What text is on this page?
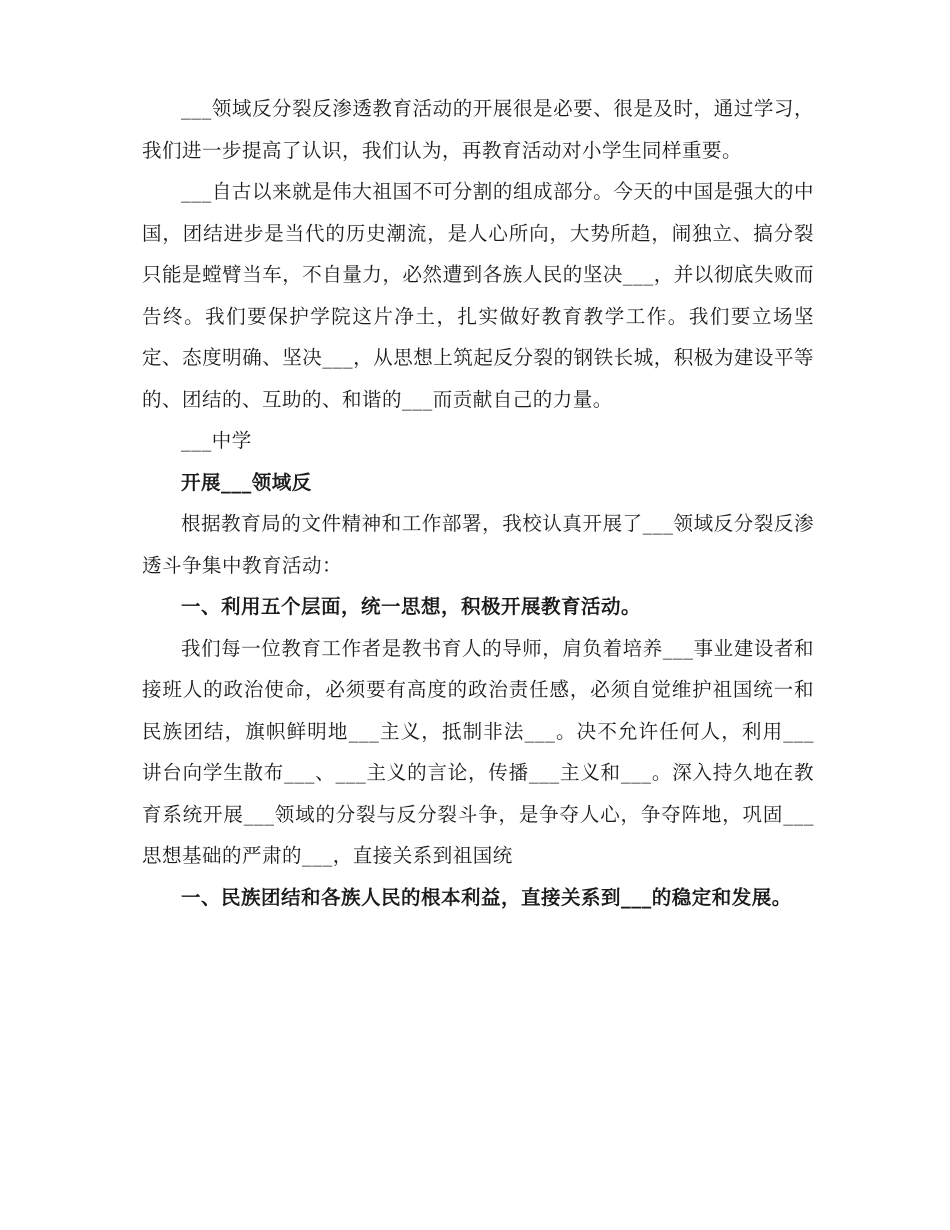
___领域反分裂反渗透教育活动的开展很是必要、很是及时，通过学习，我们进一步提高了认识，我们认为，再教育活动对小学生同样重要。

___自古以来就是伟大祖国不可分割的组成部分。今天的中国是强大的中国，团结进步是当代的历史潮流，是人心所向，大势所趋，闹独立、搞分裂只能是螳臂当车，不自量力，必然遭到各族人民的坚决___，并以彻底失败而告终。我们要保护学院这片净土，扎实做好教育教学工作。我们要立场坚定、态度明确、坚决___，从思想上筑起反分裂的钢铁长城，积极为建设平等的、团结的、互助的、和谐的___而贡献自己的力量。

___中学

开展___领域反

根据教育局的文件精神和工作部署，我校认真开展了___领域反分裂反渗透斗争集中教育活动：

一、利用五个层面，统一思想，积极开展教育活动。

我们每一位教育工作者是教书育人的导师，肩负着培养___事业建设者和接班人的政治使命，必须要有高度的政治责任感，必须自觉维护祖国统一和民族团结，旗帜鲜明地___主义，抵制非法___。决不允许任何人，利用___讲台向学生散布___、___主义的言论，传播___主义和___。深入持久地在教育系统开展___领域的分裂与反分裂斗争，是争夺人心，争夺阵地，巩固___思想基础的严肃的___，直接关系到祖国统

一、民族团结和各族人民的根本利益，直接关系到___的稳定和发展。
